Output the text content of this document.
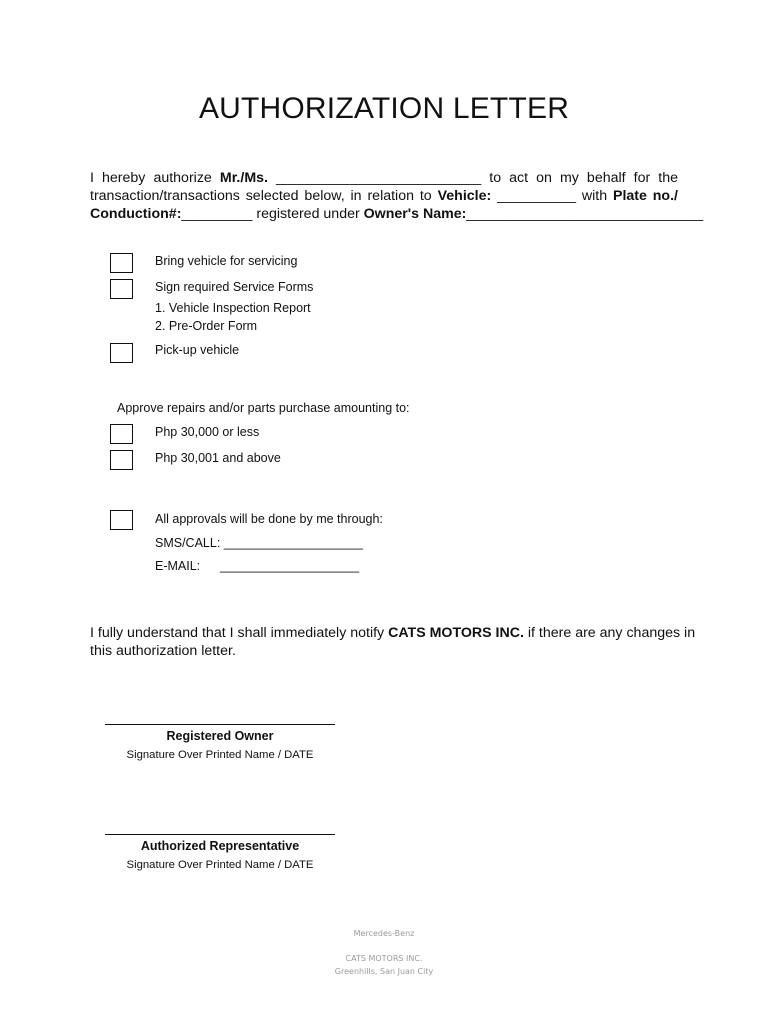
AUTHORIZATION LETTER
I hereby authorize Mr./Ms. __________________________ to act on my behalf for the
transaction/transactions selected below, in relation to Vehicle: __________ with Plate no./
Conduction#:_________ registered under Owner's Name:______________________________
Bring vehicle for servicing
Sign required Service Forms
1. Vehicle Inspection Report
2. Pre-Order Form
Pick-up vehicle
Approve repairs and/or parts purchase amounting to:
Php 30,000 or less
Php 30,001 and above
All approvals will be done by me through:
SMS/CALL: ____________________
E-MAIL: ____________________
I fully understand that I shall immediately notify CATS MOTORS INC. if there are any changes in
this authorization letter.
Registered Owner
Signature Over Printed Name / DATE
Authorized Representative
Signature Over Printed Name / DATE
Mercedes-Benz
CATS MOTORS INC.
Greenhills, San Juan City
